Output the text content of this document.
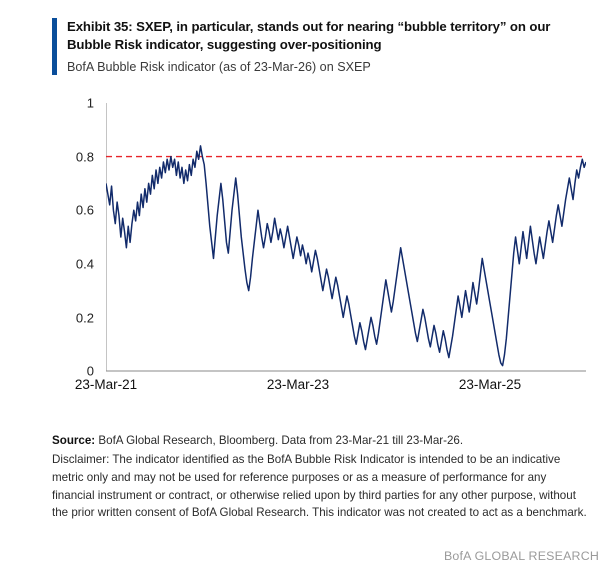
Exhibit 35: SXEP, in particular, stands out for nearing “bubble territory” on our Bubble Risk indicator, suggesting over-positioning
BofA Bubble Risk indicator (as of 23-Mar-26) on SXEP
0
0.2
0.4
0.6
0.8
1
23-Mar-21	23-Mar-23	23-Mar-25
Source: BofA Global Research, Bloomberg. Data from 23-Mar-21 till 23-Mar-26.
Disclaimer: The indicator identified as the BofA Bubble Risk Indicator is intended to be an indicative metric only and may not be used for reference purposes or as a measure of performance for any financial instrument or contract, or otherwise relied upon by third parties for any other purpose, without the prior written consent of BofA Global Research. This indicator was not created to act as a benchmark.
BofA GLOBAL RESEARCH
